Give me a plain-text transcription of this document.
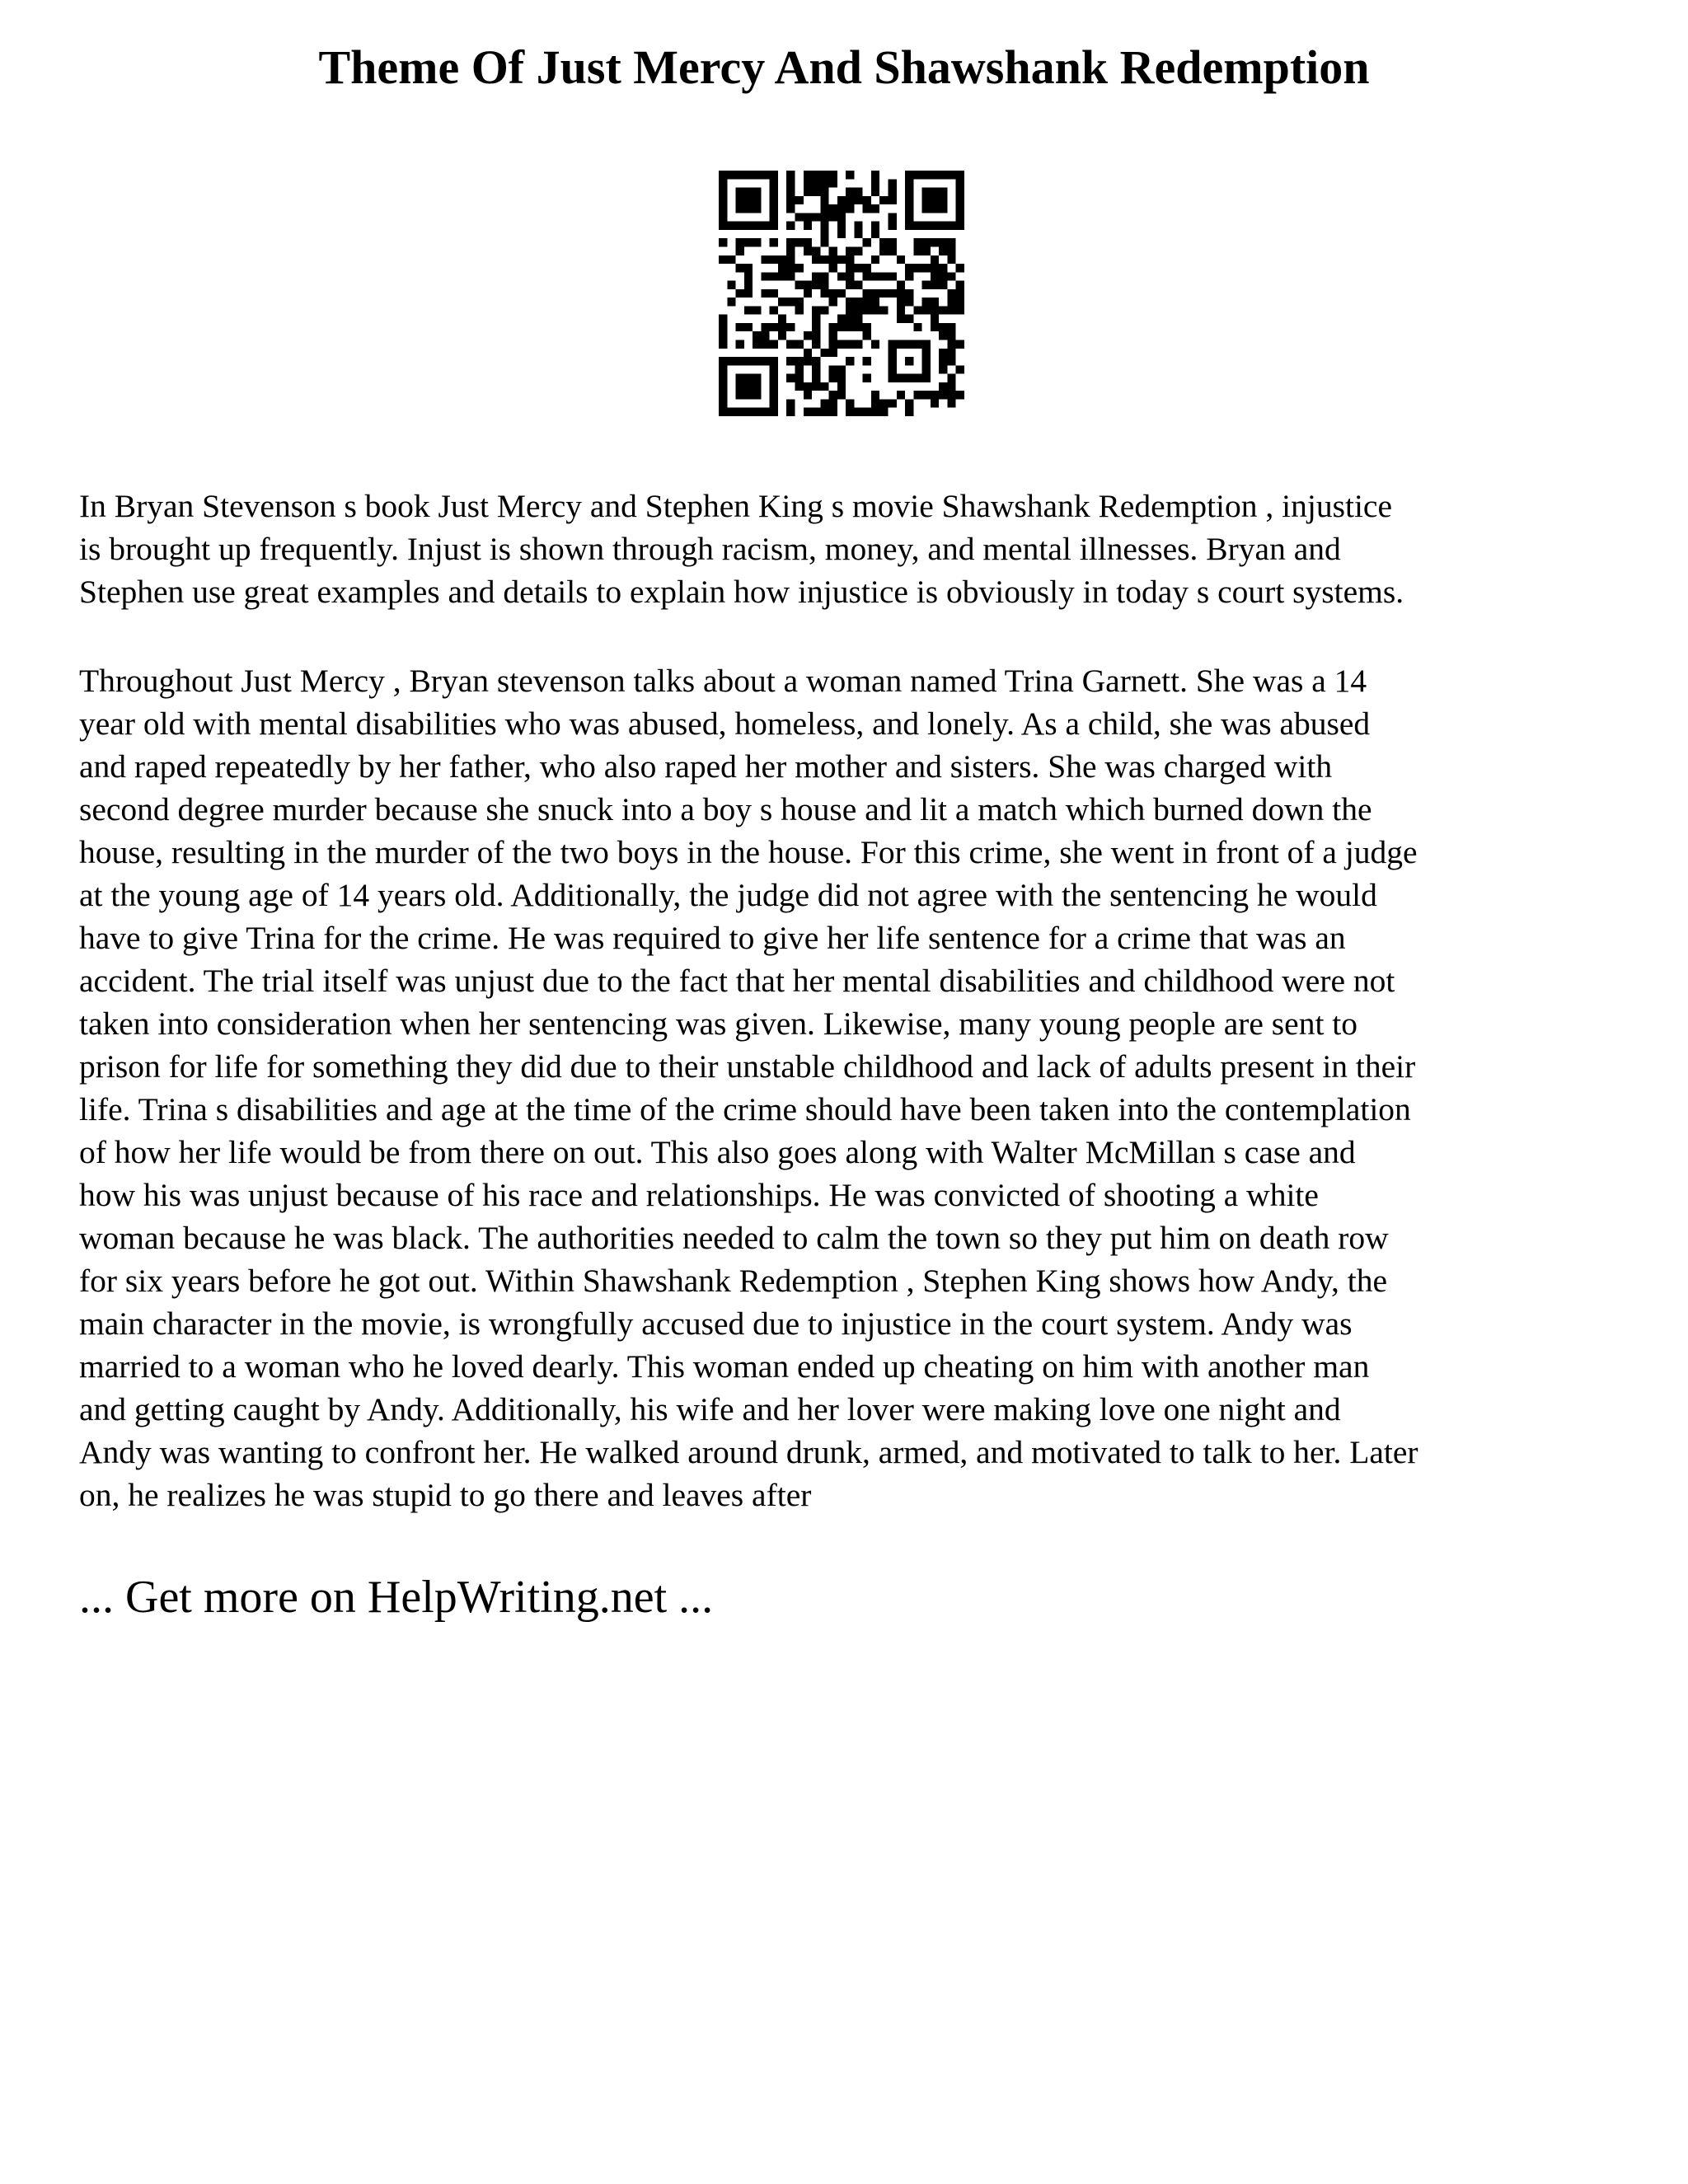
Theme Of Just Mercy And Shawshank Redemption

In Bryan Stevenson s book Just Mercy and Stephen King s movie Shawshank Redemption , injustice
is brought up frequently. Injust is shown through racism, money, and mental illnesses. Bryan and
Stephen use great examples and details to explain how injustice is obviously in today s court systems.

Throughout Just Mercy , Bryan stevenson talks about a woman named Trina Garnett. She was a 14
year old with mental disabilities who was abused, homeless, and lonely. As a child, she was abused
and raped repeatedly by her father, who also raped her mother and sisters. She was charged with
second degree murder because she snuck into a boy s house and lit a match which burned down the
house, resulting in the murder of the two boys in the house. For this crime, she went in front of a judge
at the young age of 14 years old. Additionally, the judge did not agree with the sentencing he would
have to give Trina for the crime. He was required to give her life sentence for a crime that was an
accident. The trial itself was unjust due to the fact that her mental disabilities and childhood were not
taken into consideration when her sentencing was given. Likewise, many young people are sent to
prison for life for something they did due to their unstable childhood and lack of adults present in their
life. Trina s disabilities and age at the time of the crime should have been taken into the contemplation
of how her life would be from there on out. This also goes along with Walter McMillan s case and
how his was unjust because of his race and relationships. He was convicted of shooting a white
woman because he was black. The authorities needed to calm the town so they put him on death row
for six years before he got out. Within Shawshank Redemption , Stephen King shows how Andy, the
main character in the movie, is wrongfully accused due to injustice in the court system. Andy was
married to a woman who he loved dearly. This woman ended up cheating on him with another man
and getting caught by Andy. Additionally, his wife and her lover were making love one night and
Andy was wanting to confront her. He walked around drunk, armed, and motivated to talk to her. Later
on, he realizes he was stupid to go there and leaves after

... Get more on HelpWriting.net ...
